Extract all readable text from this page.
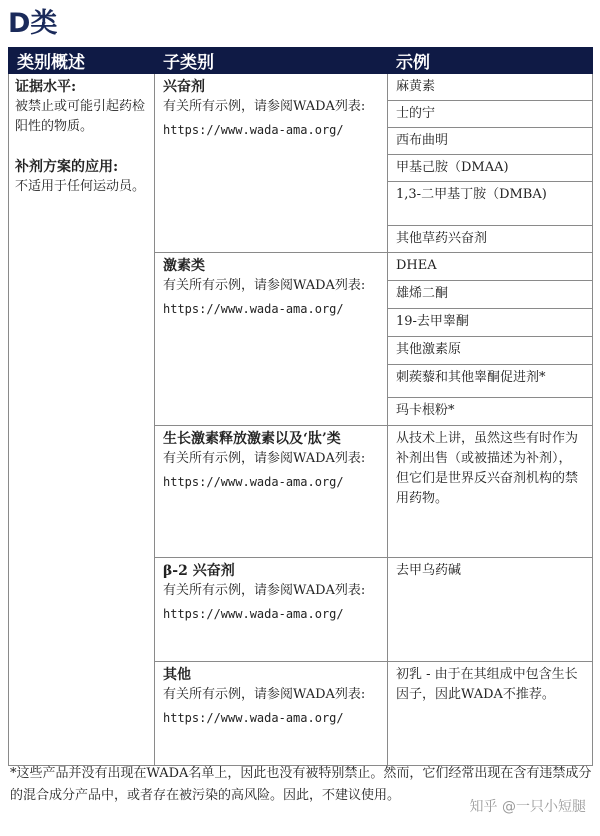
D类
类别概述	子类别	示例

证据水平:
被禁止或可能引起药检阳性的物质。
补剂方案的应用:
不适用于任何运动员。	兴奋剂
有关所有示例，请参阅WADA列表:
https://www.wada-ama.org/	麻黄素
		士的宁
		西布曲明
		甲基己胺（DMAA)
		1,3-二甲基丁胺（DMBA)
		其他草药兴奋剂

	激素类
有关所有示例，请参阅WADA列表:
https://www.wada-ama.org/	DHEA
		雄烯二酮
		19-去甲睾酮
		其他激素原
		刺蒺藜和其他睾酮促进剂*
		玛卡根粉*

	生长激素释放激素以及‘肽’类
有关所有示例，请参阅WADA列表:
https://www.wada-ama.org/	从技术上讲，虽然这些有时作为补剂出售（或被描述为补剂），但它们是世界反兴奋剂机构的禁用药物。

	β-2 兴奋剂
有关所有示例，请参阅WADA列表:
https://www.wada-ama.org/	去甲乌药碱

	其他
有关所有示例，请参阅WADA列表:
https://www.wada-ama.org/	初乳 - 由于在其组成中包含生长因子，因此WADA不推荐。
*这些产品并没有出现在WADA名单上，因此也没有被特别禁止。然而，它们经常出现在含有违禁成分的混合成分产品中，或者存在被污染的高风险。因此，不建议使用。
知乎 @一只小短腿
